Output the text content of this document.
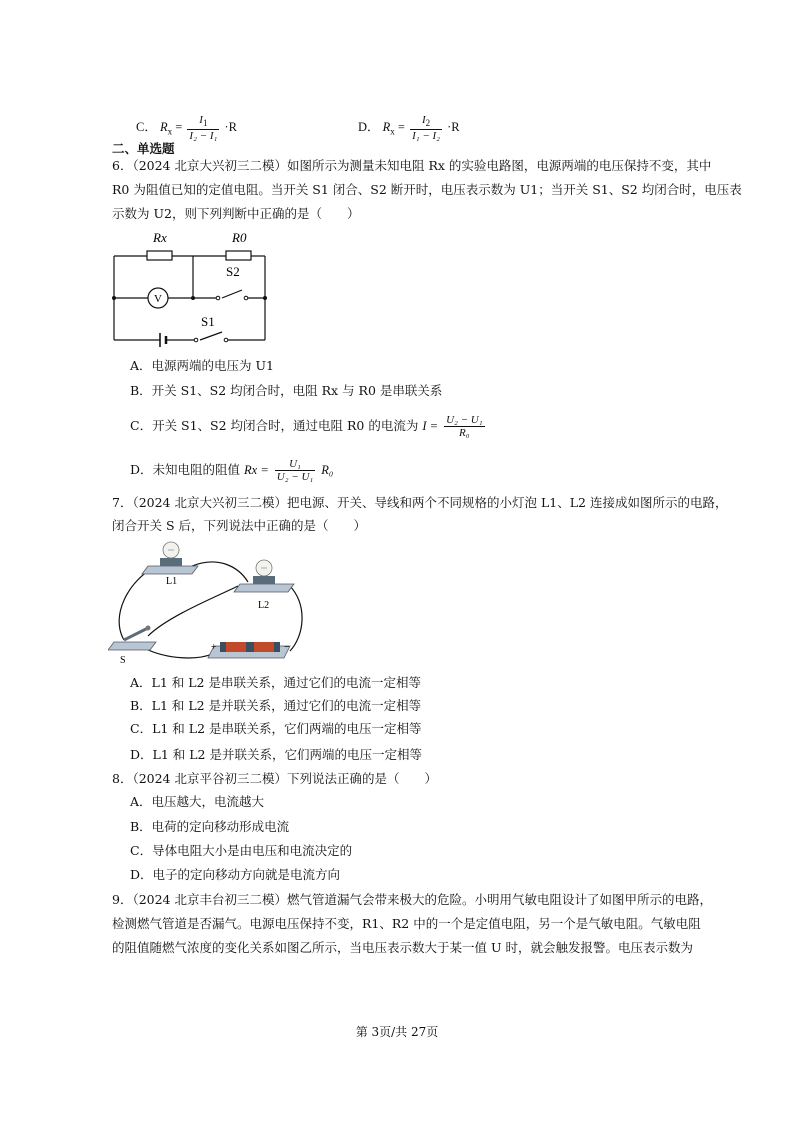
C． $R_x = \frac{I_1}{\text{I₂ − I₁}} \cdot R$	D． $R_x = \frac{I_2}{\text{I₁ − I₂}} \cdot R$
二、单选题
6．（2024 北京大兴初三二模）如图所示为测量未知电阻 Rx 的实验电路图，电源两端的电压保持不变，其中
R0 为阻值已知的定值电阻。当开关 S1 闭合、S2 断开时，电压表示数为 U1；当开关 S1、S2 均闭合时，电压表
示数为 U2，则下列判断中正确的是（　　）
V
Rx	R0
S2
S1
A．电源两端的电压为 U1
B．开关 S1、S2 均闭合时，电阻 Rx 与 R0 是串联关系
C．开关 S1、S2 均闭合时，通过电阻 R0 的电流为 $I = \frac{\text{U₂ − U₁}}{\text{R₀}}$
D．未知电阻的阻值 $Rx = \frac{\text{U₁}}{\text{U₂ − U₁}} R_0$
7．（2024 北京大兴初三二模）把电源、开关、导线和两个不同规格的小灯泡 L1、L2 连接成如图所示的电路，
闭合开关 S 后，下列说法中正确的是（　　）
L1
L2
S
+	−
A．L1 和 L2 是串联关系，通过它们的电流一定相等
B．L1 和 L2 是并联关系，通过它们的电流一定相等
C．L1 和 L2 是串联关系，它们两端的电压一定相等
D．L1 和 L2 是并联关系，它们两端的电压一定相等
8．（2024 北京平谷初三二模）下列说法正确的是（　　）
A．电压越大，电流越大
B．电荷的定向移动形成电流
C．导体电阻大小是由电压和电流决定的
D．电子的定向移动方向就是电流方向
9．（2024 北京丰台初三二模）燃气管道漏气会带来极大的危险。小明用气敏电阻设计了如图甲所示的电路，
检测燃气管道是否漏气。电源电压保持不变，R1、R2 中的一个是定值电阻，另一个是气敏电阻。气敏电阻
的阻值随燃气浓度的变化关系如图乙所示，当电压表示数大于某一值 U 时，就会触发报警。电压表示数为
第 3页/共 27页
